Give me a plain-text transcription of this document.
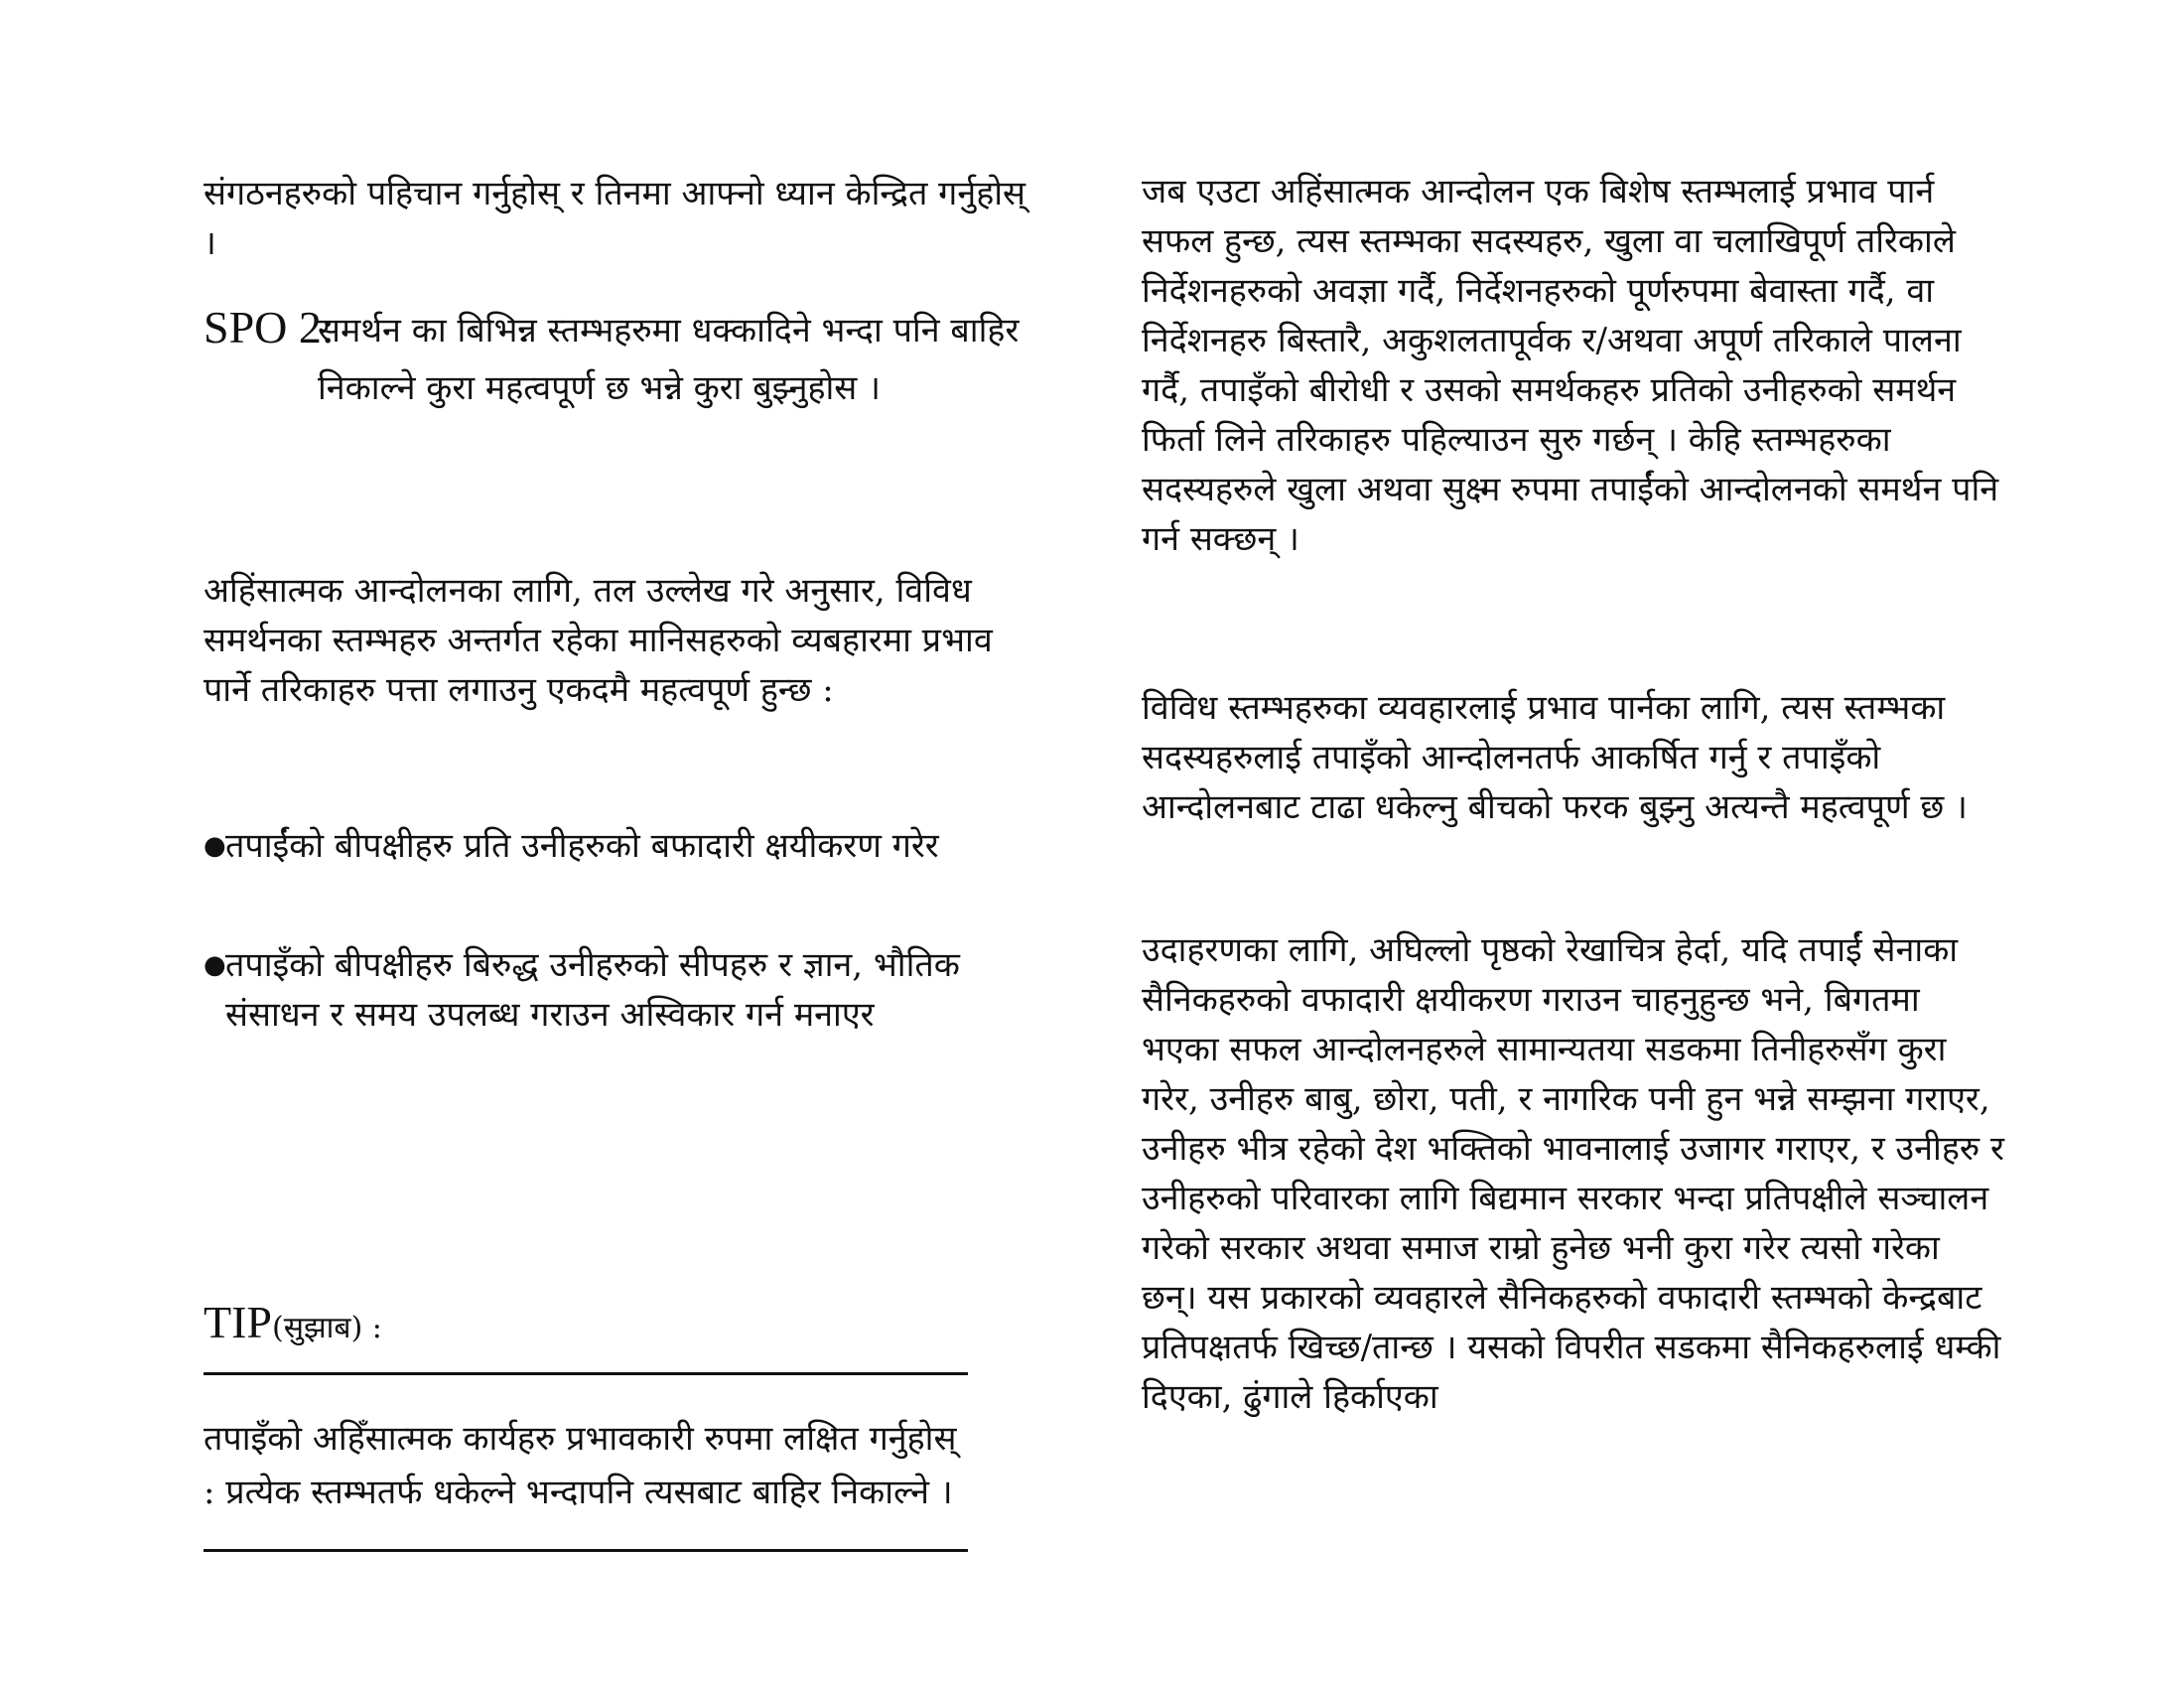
संगठनहरुको पहिचान गर्नुहोस् र तिनमा आफ्नो ध्यान केन्द्रित गर्नुहोस् ।

SPO 2:
समर्थन का बिभिन्न स्तम्भहरुमा धक्कादिने भन्दा पनि बाहिर निकाल्ने कुरा महत्वपूर्ण छ भन्ने कुरा बुझ्नुहोस ।

अहिंसात्मक आन्दोलनका लागि, तल उल्लेख गरे अनुसार, विविध समर्थनका स्तम्भहरु अन्तर्गत रहेका मानिसहरुको व्यबहारमा प्रभाव पार्ने तरिकाहरु पत्ता लगाउनु एकदमै महत्वपूर्ण हुन्छ :

● तपाईंको बीपक्षीहरु प्रति उनीहरुको बफादारी क्षयीकरण गरेर
● तपाइँको बीपक्षीहरु बिरुद्ध उनीहरुको सीपहरु र ज्ञान, भौतिक संसाधन र समय उपलब्ध गराउन अस्विकार गर्न मनाएर
TIP(सुझाब) :

तपाइँको अहिँसात्मक कार्यहरु प्रभावकारी रुपमा लक्षित गर्नुहोस् : प्रत्येक स्तम्भतर्फ धकेल्ने भन्दापनि त्यसबाट बाहिर निकाल्ने ।

जब एउटा अहिंसात्मक आन्दोलन एक बिशेष स्तम्भलाई प्रभाव पार्न सफल हुन्छ, त्यस स्तम्भका सदस्यहरु, खुला वा चलाखिपूर्ण तरिकाले निर्देशनहरुको अवज्ञा गर्दै, निर्देशनहरुको पूर्णरुपमा बेवास्ता गर्दै, वा निर्देशनहरु बिस्तारै, अकुशलतापूर्वक र/अथवा अपूर्ण तरिकाले पालना गर्दै, तपाइँको बीरोधी र उसको समर्थकहरु प्रतिको उनीहरुको समर्थन फिर्ता लिने तरिकाहरु पहिल्याउन सुरु गर्छन् । केहि स्तम्भहरुका सदस्यहरुले खुला अथवा सुक्ष्म रुपमा तपाईंको आन्दोलनको समर्थन पनि गर्न सक्छन् ।

विविध स्तम्भहरुका व्यवहारलाई प्रभाव पार्नका लागि, त्यस स्तम्भका सदस्यहरुलाई तपाइँको आन्दोलनतर्फ आकर्षित गर्नु र तपाइँको आन्दोलनबाट टाढा धकेल्नु बीचको फरक बुझ्नु अत्यन्तै महत्वपूर्ण छ ।

उदाहरणका लागि, अघिल्लो पृष्ठको रेखाचित्र हेर्दा, यदि तपाईं सेनाका सैनिकहरुको वफादारी क्षयीकरण गराउन चाहनुहुन्छ भने, बिगतमा भएका सफल आन्दोलनहरुले सामान्यतया सडकमा तिनीहरुसँग कुरा गरेर, उनीहरु बाबु, छोरा, पती, र नागरिक पनी हुन भन्ने सम्झना गराएर, उनीहरु भीत्र रहेको देश भक्तिको भावनालाई उजागर गराएर, र उनीहरु र उनीहरुको परिवारका लागि बिद्यमान सरकार भन्दा प्रतिपक्षीले सञ्चालन गरेको सरकार अथवा समाज राम्रो हुनेछ भनी कुरा गरेर त्यसो गरेका छन्। यस प्रकारको व्यवहारले सैनिकहरुको वफादारी स्तम्भको केन्द्रबाट प्रतिपक्षतर्फ खिच्छ/तान्छ । यसको विपरीत सडकमा सैनिकहरुलाई धम्की दिएका, ढुंगाले हिर्काएका
